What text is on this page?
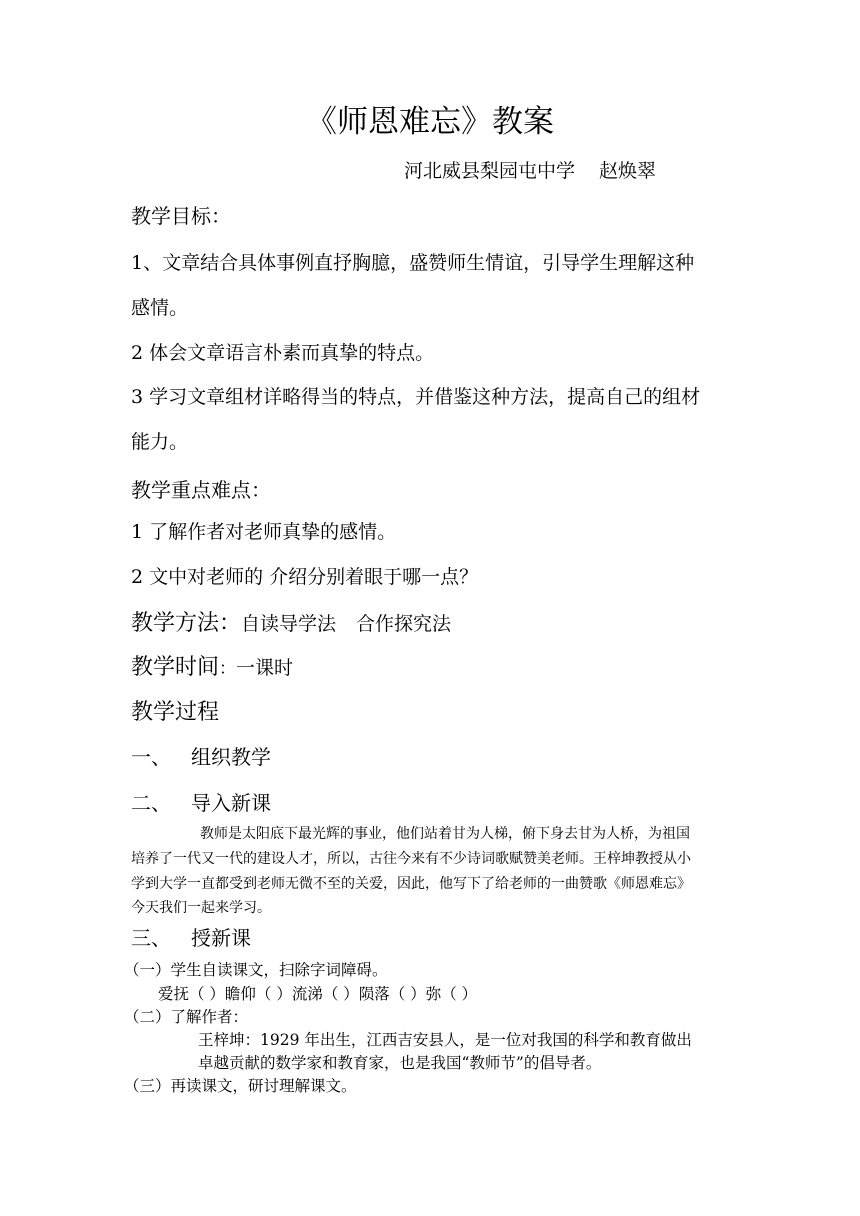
《师恩难忘》教案
河北威县梨园屯中学 赵焕翠
教学目标：
1、文章结合具体事例直抒胸臆，盛赞师生情谊，引导学生理解这种
感情。
2 体会文章语言朴素而真挚的特点。
3 学习文章组材详略得当的特点，并借鉴这种方法，提高自己的组材
能力。
教学重点难点：
1 了解作者对老师真挚的感情。
2 文中对老师的 介绍分别着眼于哪一点？
教学方法：自读导学法 合作探究法
教学时间：一课时
教学过程
一、 组织教学
二、 导入新课
教师是太阳底下最光辉的事业，他们站着甘为人梯，俯下身去甘为人桥，为祖国
培养了一代又一代的建设人才，所以，古往今来有不少诗词歌赋赞美老师。王梓坤教授从小
学到大学一直都受到老师无微不至的关爱，因此，他写下了给老师的一曲赞歌《师恩难忘》
今天我们一起来学习。
三、 授新课
（一）学生自读课文，扫除字词障碍。
爱抚（ ）瞻仰（ ）流涕（ ）陨落（ ）弥（ ）
（二）了解作者：
王梓坤：1929 年出生，江西吉安县人，是一位对我国的科学和教育做出
卓越贡献的数学家和教育家，也是我国“教师节”的倡导者。
（三）再读课文，研讨理解课文。
